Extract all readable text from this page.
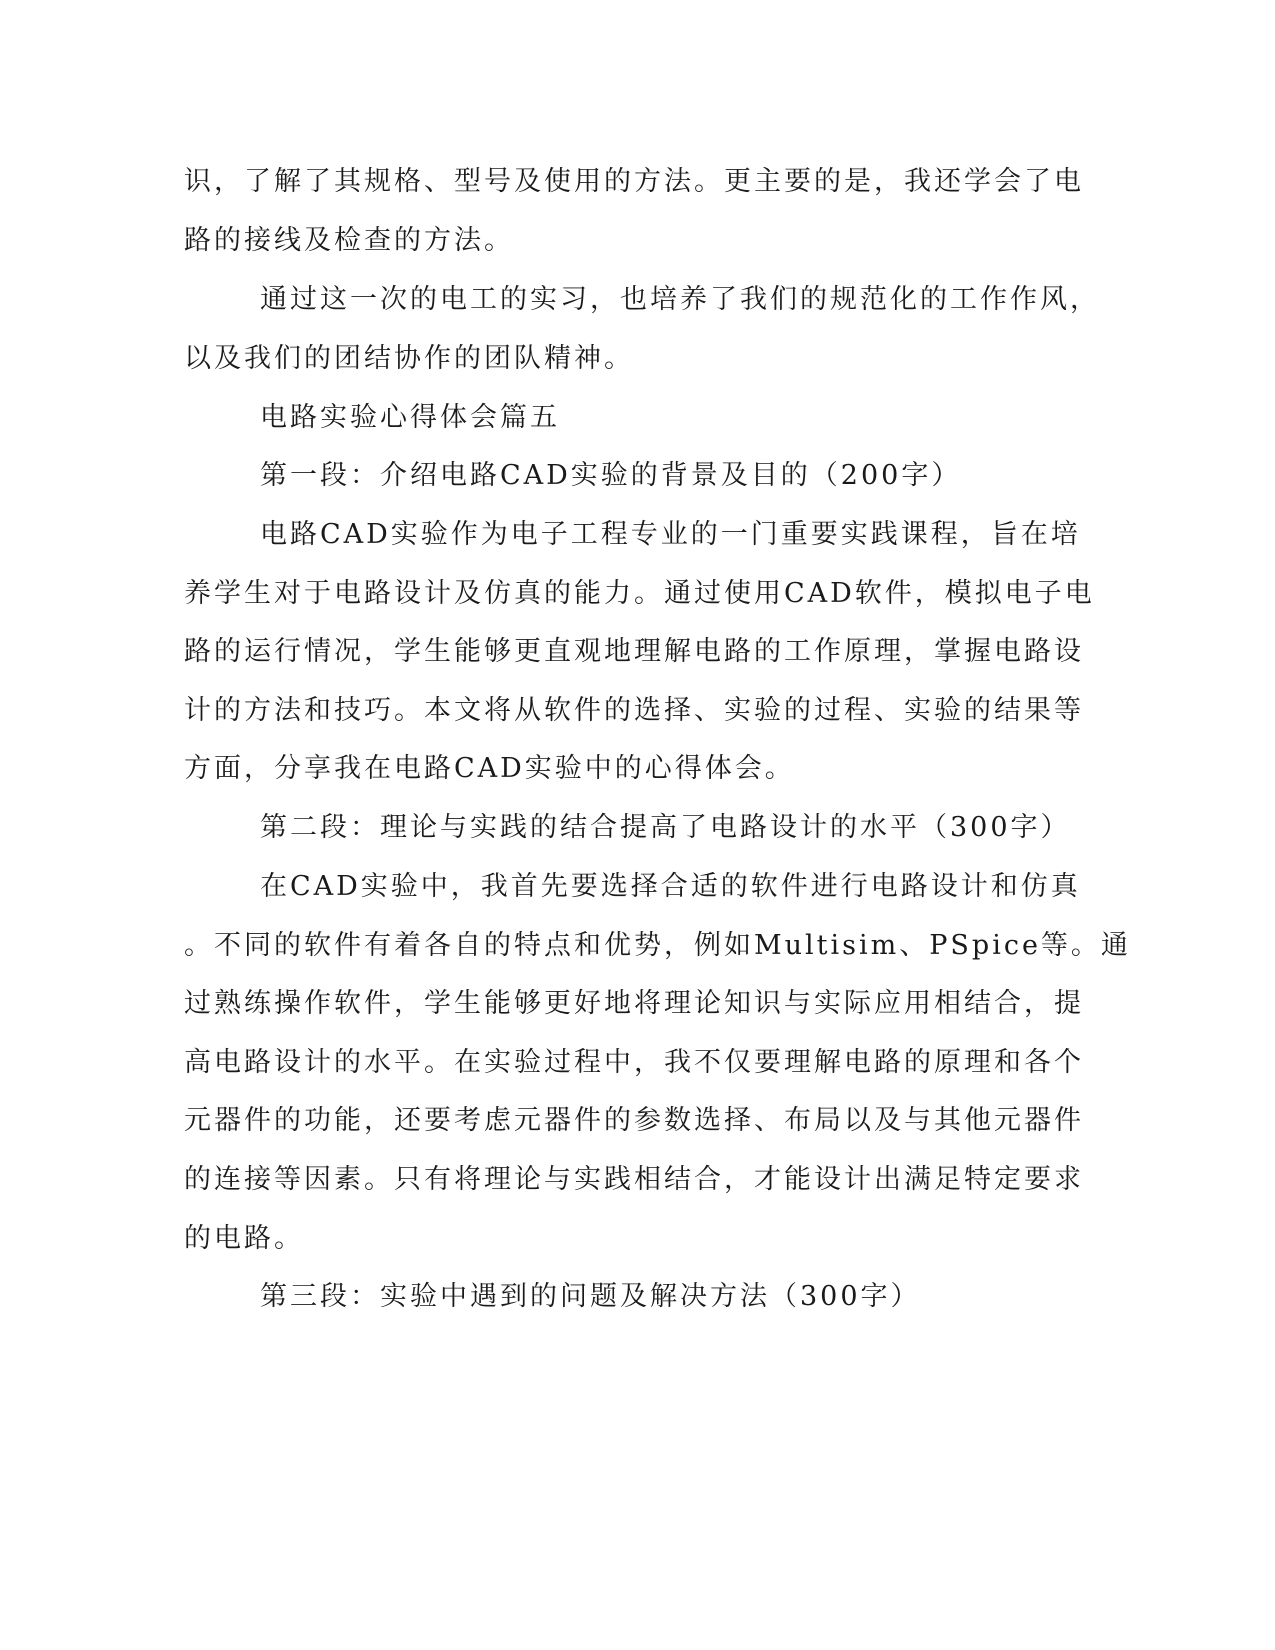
识，了解了其规格、型号及使用的方法。更主要的是，我还学会了电
路的接线及检查的方法。
通过这一次的电工的实习，也培养了我们的规范化的工作作风，
以及我们的团结协作的团队精神。
电路实验心得体会篇五
第一段：介绍电路CAD实验的背景及目的（200字）
电路CAD实验作为电子工程专业的一门重要实践课程，旨在培
养学生对于电路设计及仿真的能力。通过使用CAD软件，模拟电子电
路的运行情况，学生能够更直观地理解电路的工作原理，掌握电路设
计的方法和技巧。本文将从软件的选择、实验的过程、实验的结果等
方面，分享我在电路CAD实验中的心得体会。
第二段：理论与实践的结合提高了电路设计的水平（300字）
在CAD实验中，我首先要选择合适的软件进行电路设计和仿真
。不同的软件有着各自的特点和优势，例如Multisim、PSpice等。通
过熟练操作软件，学生能够更好地将理论知识与实际应用相结合，提
高电路设计的水平。在实验过程中，我不仅要理解电路的原理和各个
元器件的功能，还要考虑元器件的参数选择、布局以及与其他元器件
的连接等因素。只有将理论与实践相结合，才能设计出满足特定要求
的电路。
第三段：实验中遇到的问题及解决方法（300字）
